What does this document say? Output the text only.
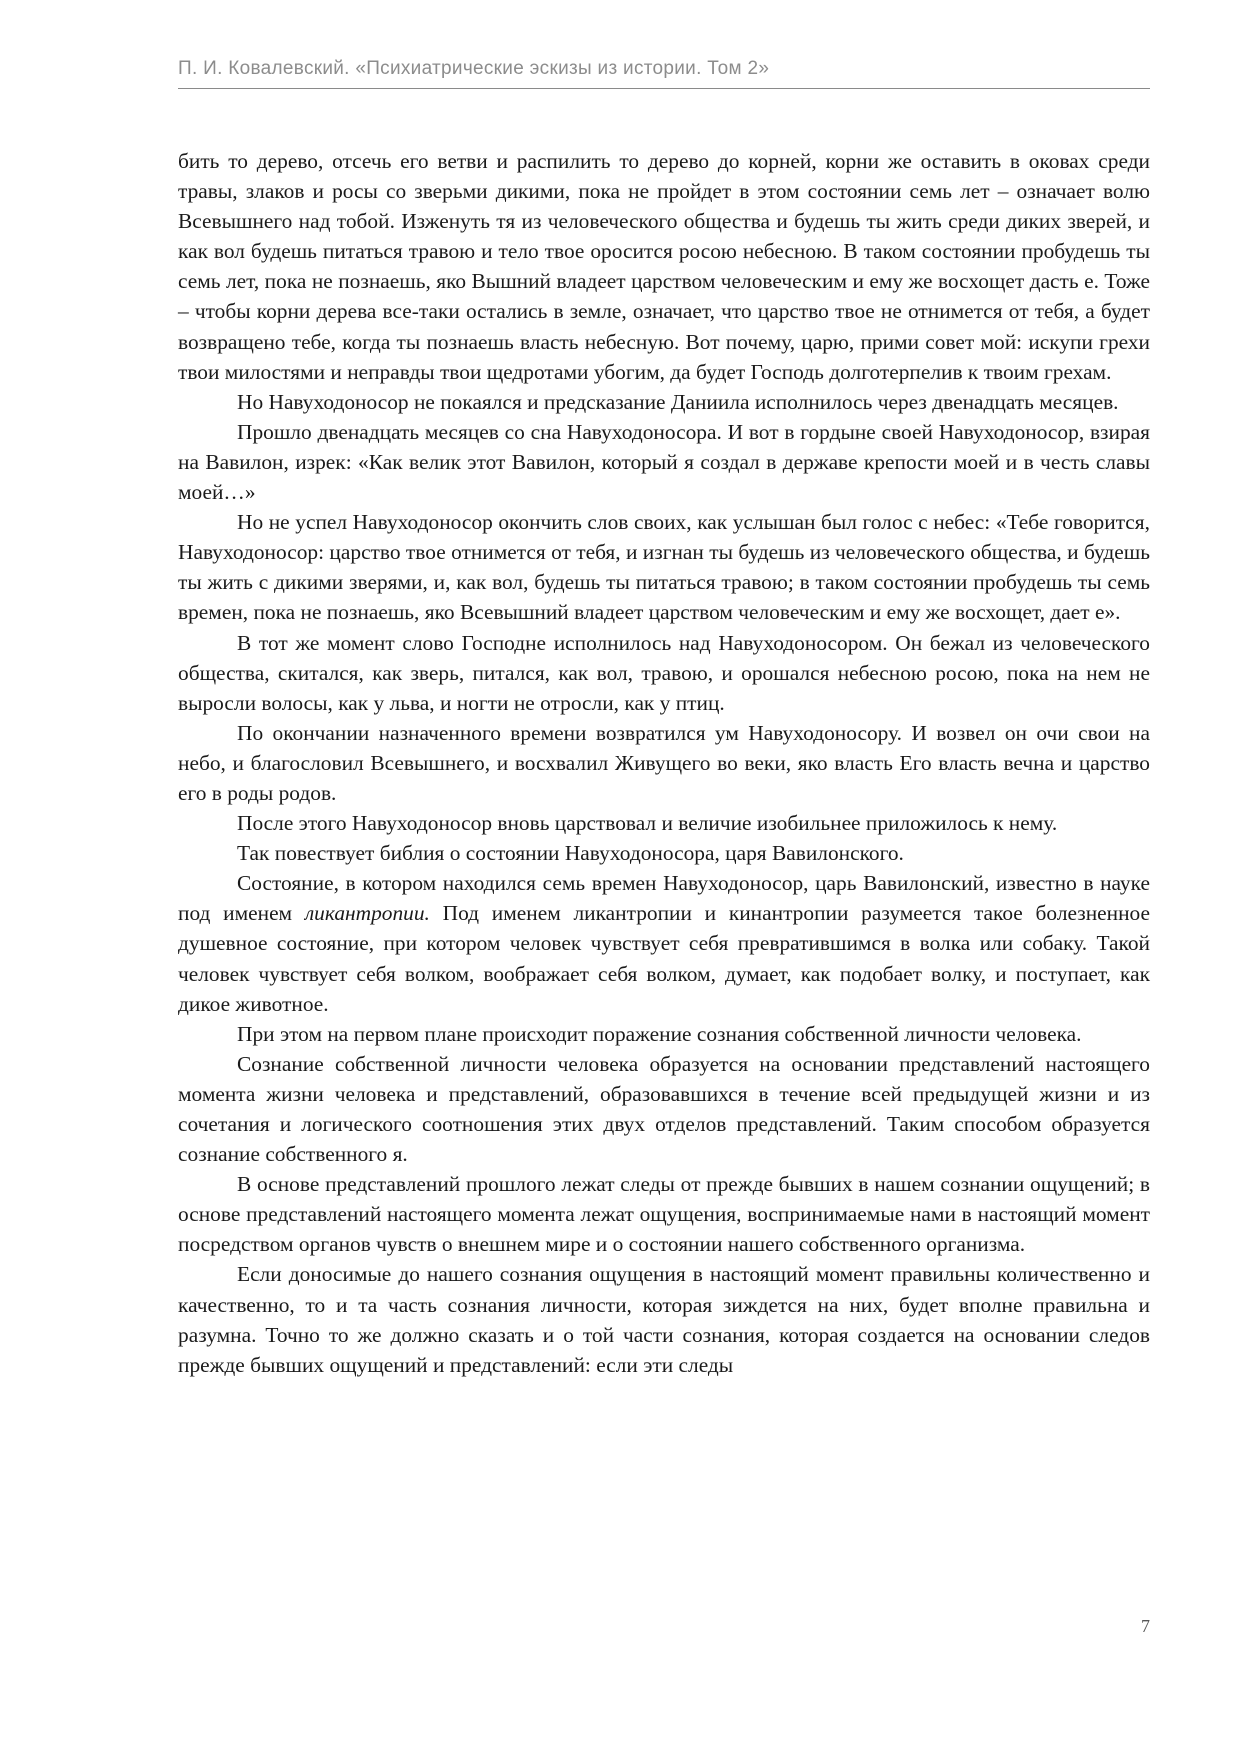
П. И. Ковалевский. «Психиатрические эскизы из истории. Том 2»

бить то дерево, отсечь его ветви и распилить то дерево до корней, корни же оставить в оковах среди травы, злаков и росы со зверьми дикими, пока не пройдет в этом состоянии семь лет – означает волю Всевышнего над тобой. Изженуть тя из человеческого общества и будешь ты жить среди диких зверей, и как вол будешь питаться травою и тело твое оросится росою небесною. В таком состоянии пробудешь ты семь лет, пока не познаешь, яко Вышний владеет царством человеческим и ему же восхощет дасть е. Тоже – чтобы корни дерева все-таки остались в земле, означает, что царство твое не отнимется от тебя, а будет возвращено тебе, когда ты познаешь власть небесную. Вот почему, царю, прими совет мой: искупи грехи твои милостями и неправды твои щедротами убогим, да будет Господь долготерпелив к твоим грехам.

Но Навуходоносор не покаялся и предсказание Даниила исполнилось через двенадцать месяцев.

Прошло двенадцать месяцев со сна Навуходоносора. И вот в гордыне своей Навуходоносор, взирая на Вавилон, изрек: «Как велик этот Вавилон, который я создал в державе крепости моей и в честь славы моей…»

Но не успел Навуходоносор окончить слов своих, как услышан был голос с небес: «Тебе говорится, Навуходоносор: царство твое отнимется от тебя, и изгнан ты будешь из человеческого общества, и будешь ты жить с дикими зверями, и, как вол, будешь ты питаться травою; в таком состоянии пробудешь ты семь времен, пока не познаешь, яко Всевышний владеет царством человеческим и ему же восхощет, дает е».

В тот же момент слово Господне исполнилось над Навуходоносором. Он бежал из человеческого общества, скитался, как зверь, питался, как вол, травою, и орошался небесною росою, пока на нем не выросли волосы, как у льва, и ногти не отросли, как у птиц.

По окончании назначенного времени возвратился ум Навуходоносору. И возвел он очи свои на небо, и благословил Всевышнего, и восхвалил Живущего во веки, яко власть Его власть вечна и царство его в роды родов.

После этого Навуходоносор вновь царствовал и величие изобильнее приложилось к нему.

Так повествует библия о состоянии Навуходоносора, царя Вавилонского.

Состояние, в котором находился семь времен Навуходоносор, царь Вавилонский, известно в науке под именем ликантропии. Под именем ликантропии и кинантропии разумеется такое болезненное душевное состояние, при котором человек чувствует себя превратившимся в волка или собаку. Такой человек чувствует себя волком, воображает себя волком, думает, как подобает волку, и поступает, как дикое животное.

При этом на первом плане происходит поражение сознания собственной личности человека.

Сознание собственной личности человека образуется на основании представлений настоящего момента жизни человека и представлений, образовавшихся в течение всей предыдущей жизни и из сочетания и логического соотношения этих двух отделов представлений. Таким способом образуется сознание собственного я.

В основе представлений прошлого лежат следы от прежде бывших в нашем сознании ощущений; в основе представлений настоящего момента лежат ощущения, воспринимаемые нами в настоящий момент посредством органов чувств о внешнем мире и о состоянии нашего собственного организма.

Если доносимые до нашего сознания ощущения в настоящий момент правильны количественно и качественно, то и та часть сознания личности, которая зиждется на них, будет вполне правильна и разумна. Точно то же должно сказать и о той части сознания, которая создается на основании следов прежде бывших ощущений и представлений: если эти следы

7
